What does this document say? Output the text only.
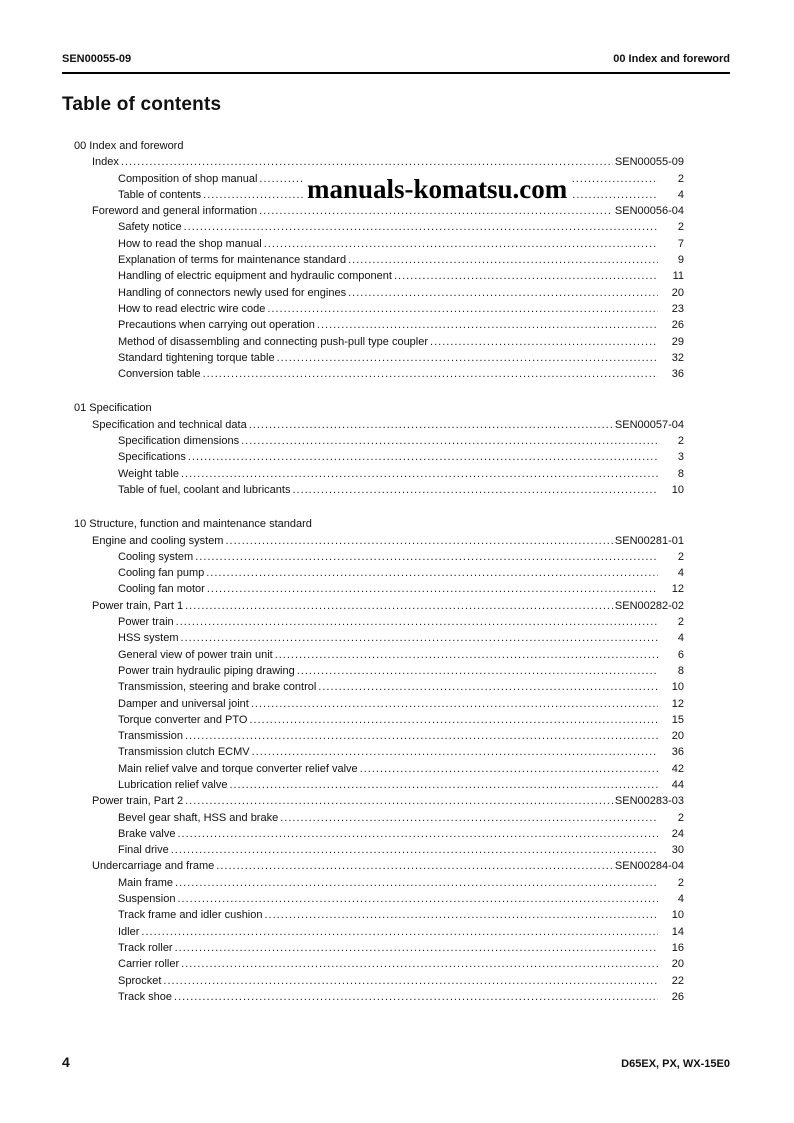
SEN00055-09	00 Index and foreword
Table of contents
00 Index and foreword
Index .....	SEN00055-09
Composition of shop manual .....	2
Table of contents .....	4
Foreword and general information .....	SEN00056-04
Safety notice .....	2
How to read the shop manual .....	7
Explanation of terms for maintenance standard .....	9
Handling of electric equipment and hydraulic component .....	11
Handling of connectors newly used for engines .....	20
How to read electric wire code .....	23
Precautions when carrying out operation .....	26
Method of disassembling and connecting push-pull type coupler .....	29
Standard tightening torque table .....	32
Conversion table .....	36
01 Specification
Specification and technical data .....	SEN00057-04
Specification dimensions .....	2
Specifications .....	3
Weight table .....	8
Table of fuel, coolant and lubricants .....	10
10 Structure, function and maintenance standard
Engine and cooling system .....	SEN00281-01
Cooling system .....	2
Cooling fan pump .....	4
Cooling fan motor .....	12
Power train, Part 1 .....	SEN00282-02
Power train .....	2
HSS system .....	4
General view of power train unit .....	6
Power train hydraulic piping drawing .....	8
Transmission, steering and brake control .....	10
Damper and universal joint .....	12
Torque converter and PTO .....	15
Transmission .....	20
Transmission clutch ECMV .....	36
Main relief valve and torque converter relief valve .....	42
Lubrication relief valve .....	44
Power train, Part 2 .....	SEN00283-03
Bevel gear shaft, HSS and brake .....	2
Brake valve .....	24
Final drive .....	30
Undercarriage and frame .....	SEN00284-04
Main frame .....	2
Suspension .....	4
Track frame and idler cushion .....	10
Idler .....	14
Track roller .....	16
Carrier roller .....	20
Sprocket .....	22
Track shoe .....	26
manuals-komatsu.com
4	D65EX, PX, WX-15E0
